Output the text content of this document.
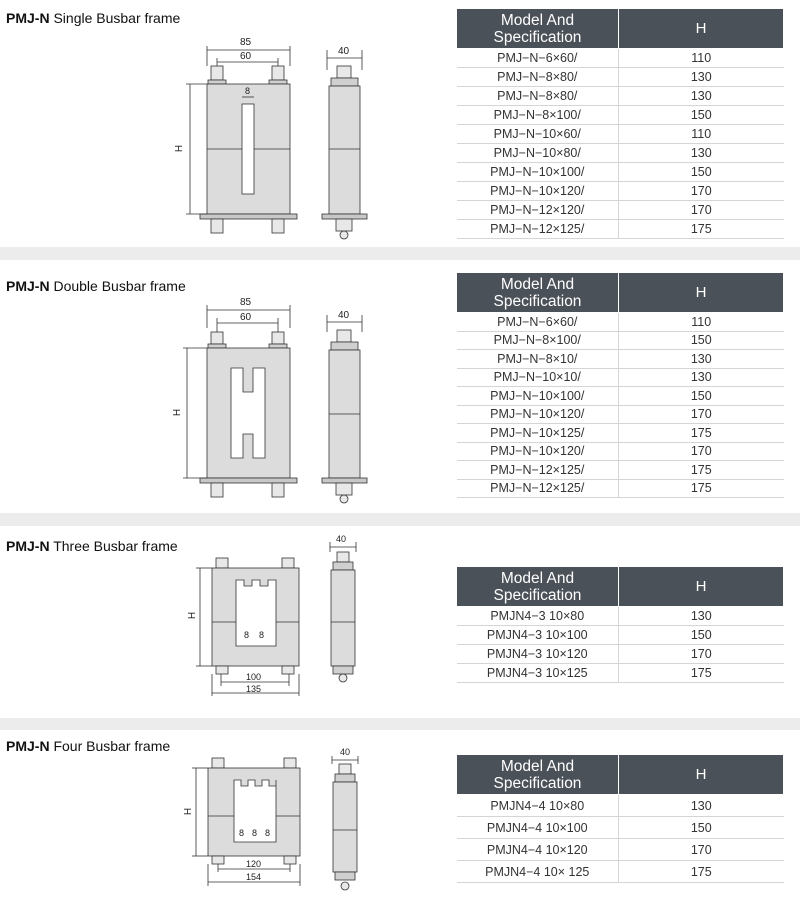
PMJ-N Single Busbar frame
85
60
8
H
40
Model And Specification	H
PMJ−N−6×60/	110
PMJ−N−8×80/	130
PMJ−N−8×80/	130
PMJ−N−8×100/	150
PMJ−N−10×60/	110
PMJ−N−10×80/	130
PMJ−N−10×100/	150
PMJ−N−10×120/	170
PMJ−N−12×120/	170
PMJ−N−12×125/	175
PMJ-N Double Busbar frame
85
60
H
40
Model And Specification	H
PMJ−N−6×60/	110
PMJ−N−8×100/	150
PMJ−N−8×10/	130
PMJ−N−10×10/	130
PMJ−N−10×100/	150
PMJ−N−10×120/	170
PMJ−N−10×125/	175
PMJ−N−10×120/	170
PMJ−N−12×125/	175
PMJ−N−12×125/	175
PMJ-N Three Busbar frame
8 8
H
100
135
40
Model And Specification	H
PMJN4−3 10×80	130
PMJN4−3 10×100	150
PMJN4−3 10×120	170
PMJN4−3 10×125	175
PMJ-N Four Busbar frame
8 8 8
H
120
154
40
Model And Specification	H
PMJN4−4 10×80	130
PMJN4−4 10×100	150
PMJN4−4 10×120	170
PMJN4−4 10× 125	175
